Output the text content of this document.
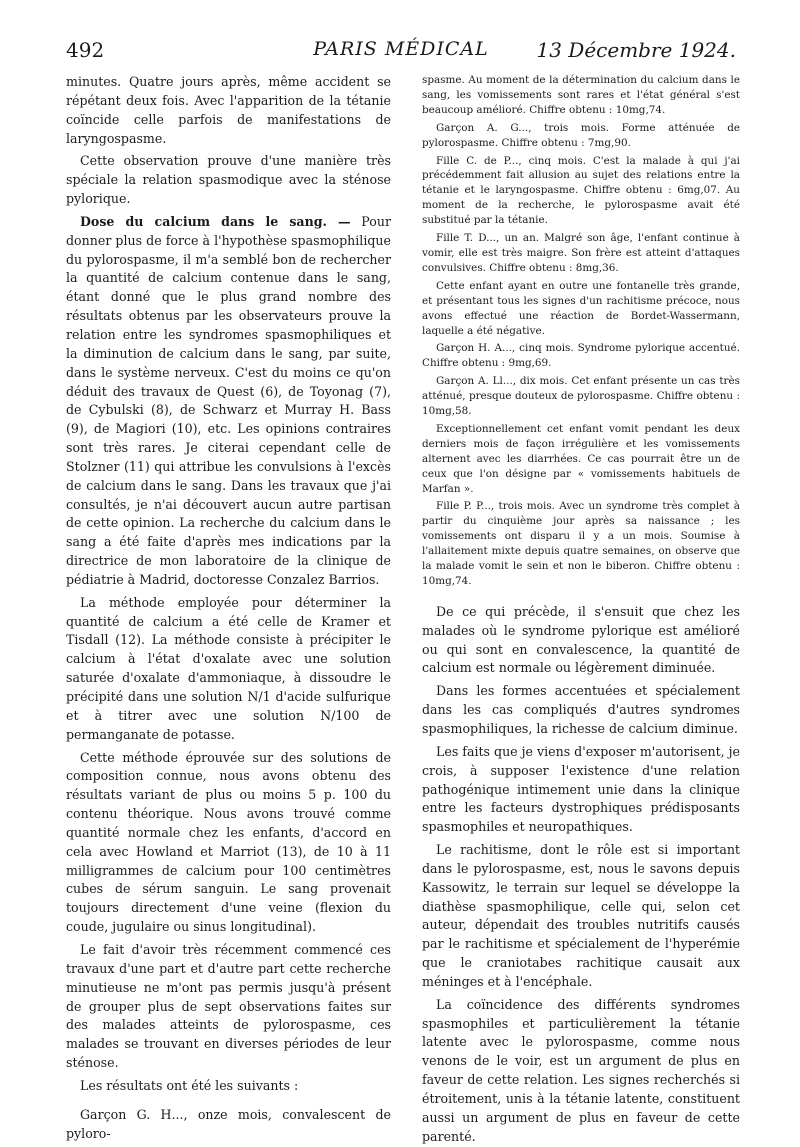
492	PARIS MÉDICAL	13 Décembre 1924.

minutes. Quatre jours après, même accident se répétant deux fois. Avec l'apparition de la tétanie coïncide celle parfois de manifestations de laryngospasme.

Cette observation prouve d'une manière très spéciale la relation spasmodique avec la sténose pylorique.

Dose du calcium dans le sang. — Pour donner plus de force à l'hypothèse spasmophilique du pylorospasme, il m'a semblé bon de rechercher la quantité de calcium contenue dans le sang, étant donné que le plus grand nombre des résultats obtenus par les observateurs prouve la relation entre les syndromes spasmophiliques et la diminution de calcium dans le sang, par suite, dans le système nerveux. C'est du moins ce qu'on déduit des travaux de Quest (6), de Toyonag (7), de Cybulski (8), de Schwarz et Murray H. Bass (9), de Magiori (10), etc. Les opinions contraires sont très rares. Je citerai cependant celle de Stolzner (11) qui attribue les convulsions à l'excès de calcium dans le sang. Dans les travaux que j'ai consultés, je n'ai découvert aucun autre partisan de cette opinion. La recherche du calcium dans le sang a été faite d'après mes indications par la directrice de mon laboratoire de la clinique de pédiatrie à Madrid, doctoresse Conzalez Barrios.

La méthode employée pour déterminer la quantité de calcium a été celle de Kramer et Tisdall (12). La méthode consiste à précipiter le calcium à l'état d'oxalate avec une solution saturée d'oxalate d'ammoniaque, à dissoudre le précipité dans une solution N/1 d'acide sulfurique et à titrer avec une solution N/100 de permanganate de potasse.

Cette méthode éprouvée sur des solutions de composition connue, nous avons obtenu des résultats variant de plus ou moins 5 p. 100 du contenu théorique. Nous avons trouvé comme quantité normale chez les enfants, d'accord en cela avec Howland et Marriot (13), de 10 à 11 milligrammes de calcium pour 100 centimètres cubes de sérum sanguin. Le sang provenait toujours directement d'une veine (flexion du coude, jugulaire ou sinus longitudinal).

Le fait d'avoir très récemment commencé ces travaux d'une part et d'autre part cette recherche minutieuse ne m'ont pas permis jusqu'à présent de grouper plus de sept observations faites sur des malades atteints de pylorospasme, ces malades se trouvant en diverses périodes de leur sténose.

Les résultats ont été les suivants :

Garçon G. H..., onze mois, convalescent de pyloro-

spasme. Au moment de la détermination du calcium dans le sang, les vomissements sont rares et l'état général s'est beaucoup amélioré. Chiffre obtenu : 10mg,74.

Garçon A. G..., trois mois. Forme atténuée de pylorospasme. Chiffre obtenu : 7mg,90.

Fille C. de P..., cinq mois. C'est la malade à qui j'ai précédemment fait allusion au sujet des relations entre la tétanie et le laryngospasme. Chiffre obtenu : 6mg,07. Au moment de la recherche, le pylorospasme avait été substitué par la tétanie.

Fille T. D..., un an. Malgré son âge, l'enfant continue à vomir, elle est très maigre. Son frère est atteint d'attaques convulsives. Chiffre obtenu : 8mg,36.

Cette enfant ayant en outre une fontanelle très grande, et présentant tous les signes d'un rachitisme précoce, nous avons effectué une réaction de Bordet-Wassermann, laquelle a été négative.

Garçon H. A..., cinq mois. Syndrome pylorique accentué. Chiffre obtenu : 9mg,69.

Garçon A. Ll..., dix mois. Cet enfant présente un cas très atténué, presque douteux de pylorospasme. Chiffre obtenu : 10mg,58.

Exceptionnellement cet enfant vomit pendant les deux derniers mois de façon irrégulière et les vomissements alternent avec les diarrhées. Ce cas pourrait être un de ceux que l'on désigne par « vomissements habituels de Marfan ».

Fille P. P..., trois mois. Avec un syndrome très complet à partir du cinquième jour après sa naissance ; les vomissements ont disparu il y a un mois. Soumise à l'allaitement mixte depuis quatre semaines, on observe que la malade vomit le sein et non le biberon. Chiffre obtenu : 10mg,74.

De ce qui précède, il s'ensuit que chez les malades où le syndrome pylorique est amélioré ou qui sont en convalescence, la quantité de calcium est normale ou légèrement diminuée.

Dans les formes accentuées et spécialement dans les cas compliqués d'autres syndromes spasmophiliques, la richesse de calcium diminue.

Les faits que je viens d'exposer m'autorisent, je crois, à supposer l'existence d'une relation pathogénique intimement unie dans la clinique entre les facteurs dystrophiques prédisposants spasmophiles et neuropathiques.

Le rachitisme, dont le rôle est si important dans le pylorospasme, est, nous le savons depuis Kassowitz, le terrain sur lequel se développe la diathèse spasmophilique, celle qui, selon cet auteur, dépendait des troubles nutritifs causés par le rachitisme et spécialement de l'hyperémie que le craniotabes rachitique causait aux méninges et à l'encéphale.

La coïncidence des différents syndromes spasmophiles et particulièrement la tétanie latente avec le pylorospasme, comme nous venons de le voir, est un argument de plus en faveur de cette relation. Les signes recherchés si étroitement, unis à la tétanie latente, constituent aussi un argument de plus en faveur de cette parenté.
